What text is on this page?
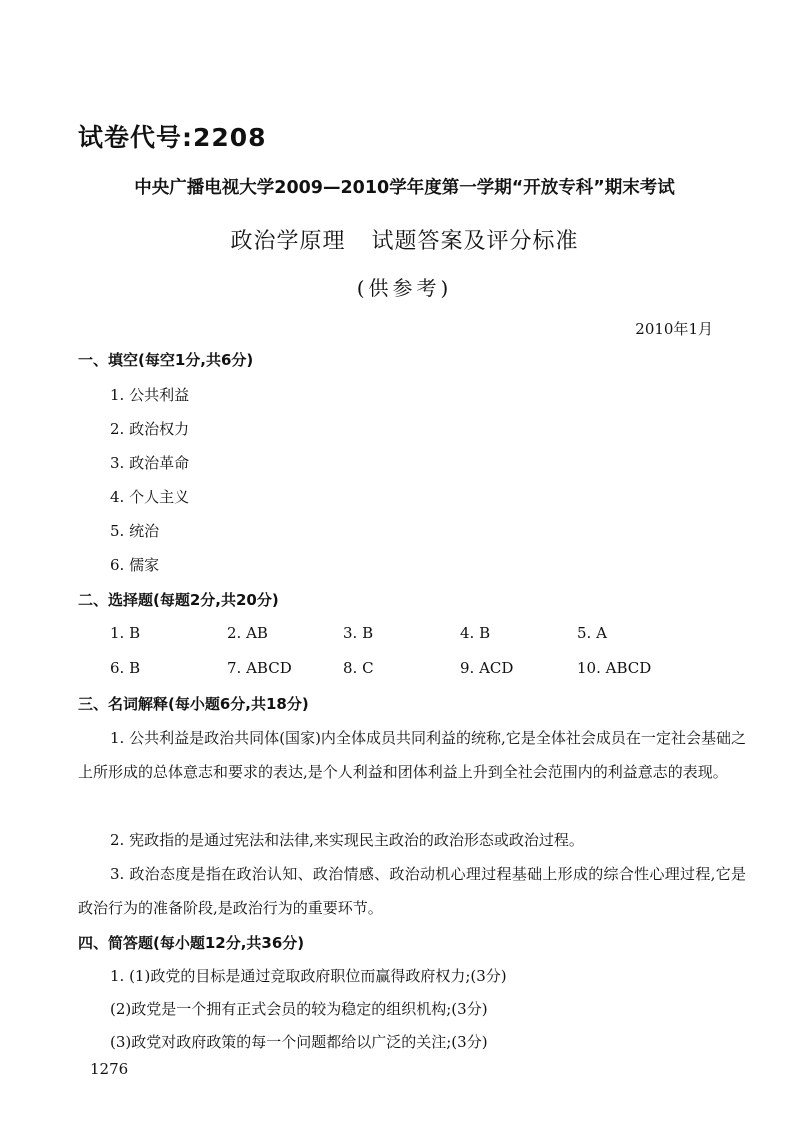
试卷代号:2208
中央广播电视大学2009—2010学年度第一学期“开放专科”期末考试
政治学原理 试题答案及评分标准
(供参考)
2010年1月
一、填空(每空1分,共6分)
1. 公共利益
2. 政治权力
3. 政治革命
4. 个人主义
5. 统治
6. 儒家
二、选择题(每题2分,共20分)
1. B	2. AB	3. B	4. B	5. A
6. B	7. ABCD	8. C	9. ACD	10. ABCD
三、名词解释(每小题6分,共18分)
1. 公共利益是政治共同体(国家)内全体成员共同利益的统称,它是全体社会成员在一定社会基础之上所形成的总体意志和要求的表达,是个人利益和团体利益上升到全社会范围内的利益意志的表现。
2. 宪政指的是通过宪法和法律,来实现民主政治的政治形态或政治过程。
3. 政治态度是指在政治认知、政治情感、政治动机心理过程基础上形成的综合性心理过程,它是政治行为的准备阶段,是政治行为的重要环节。
四、简答题(每小题12分,共36分)
1. (1)政党的目标是通过竞取政府职位而赢得政府权力;(3分)
(2)政党是一个拥有正式会员的较为稳定的组织机构;(3分)
(3)政党对政府政策的每一个问题都给以广泛的关注;(3分)
1276
